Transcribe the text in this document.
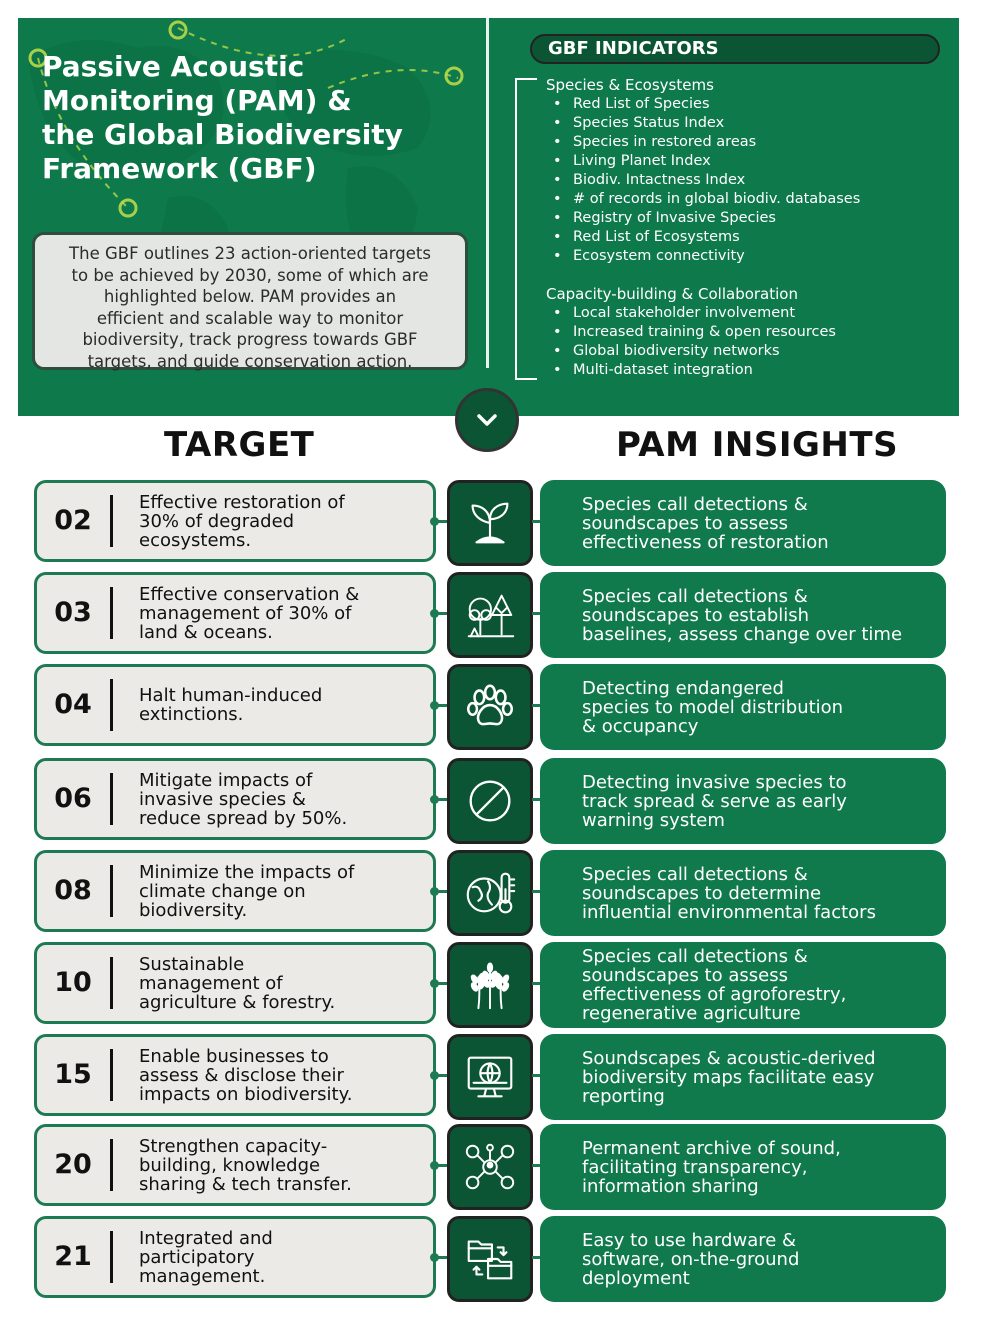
Passive Acoustic
Monitoring (PAM) &
the Global Biodiversity
Framework (GBF)
The GBF outlines 23 action-oriented targets
to be achieved by 2030, some of which are
highlighted below. PAM provides an
efficient and scalable way to monitor
biodiversity, track progress towards GBF
targets, and guide conservation action.
GBF INDICATORS
Species & Ecosystems
• Red List of Species
• Species Status Index
• Species in restored areas
• Living Planet Index
• Biodiv. Intactness Index
• # of records in global biodiv. databases
• Registry of Invasive Species
• Red List of Ecosystems
• Ecosystem connectivity
Capacity-building & Collaboration
• Local stakeholder involvement
• Increased training & open resources
• Global biodiversity networks
• Multi-dataset integration
TARGET	PAM INSIGHTS
02
Effective restoration of
30% of degraded
ecosystems.
Species call detections &
soundscapes to assess
effectiveness of restoration
03
Effective conservation &
management of 30% of
land & oceans.
Species call detections &
soundscapes to establish
baselines, assess change over time
04	Halt human-induced
extinctions.
Detecting endangered
species to model distribution
& occupancy
06
Mitigate impacts of
invasive species &
reduce spread by 50%.
Detecting invasive species to
track spread & serve as early
warning system
08
Minimize the impacts of
climate change on
biodiversity.
Species call detections &
soundscapes to determine
influential environmental factors
10
Sustainable
management of
agriculture & forestry.
Species call detections &
soundscapes to assess
effectiveness of agroforestry,
regenerative agriculture
15
Enable businesses to
assess & disclose their
impacts on biodiversity.
Soundscapes & acoustic-derived
biodiversity maps facilitate easy
reporting
20
Strengthen capacity-
building, knowledge
sharing & tech transfer.
Permanent archive of sound,
facilitating transparency,
information sharing
21
Integrated and
participatory
management.
Easy to use hardware &
software, on-the-ground
deployment
